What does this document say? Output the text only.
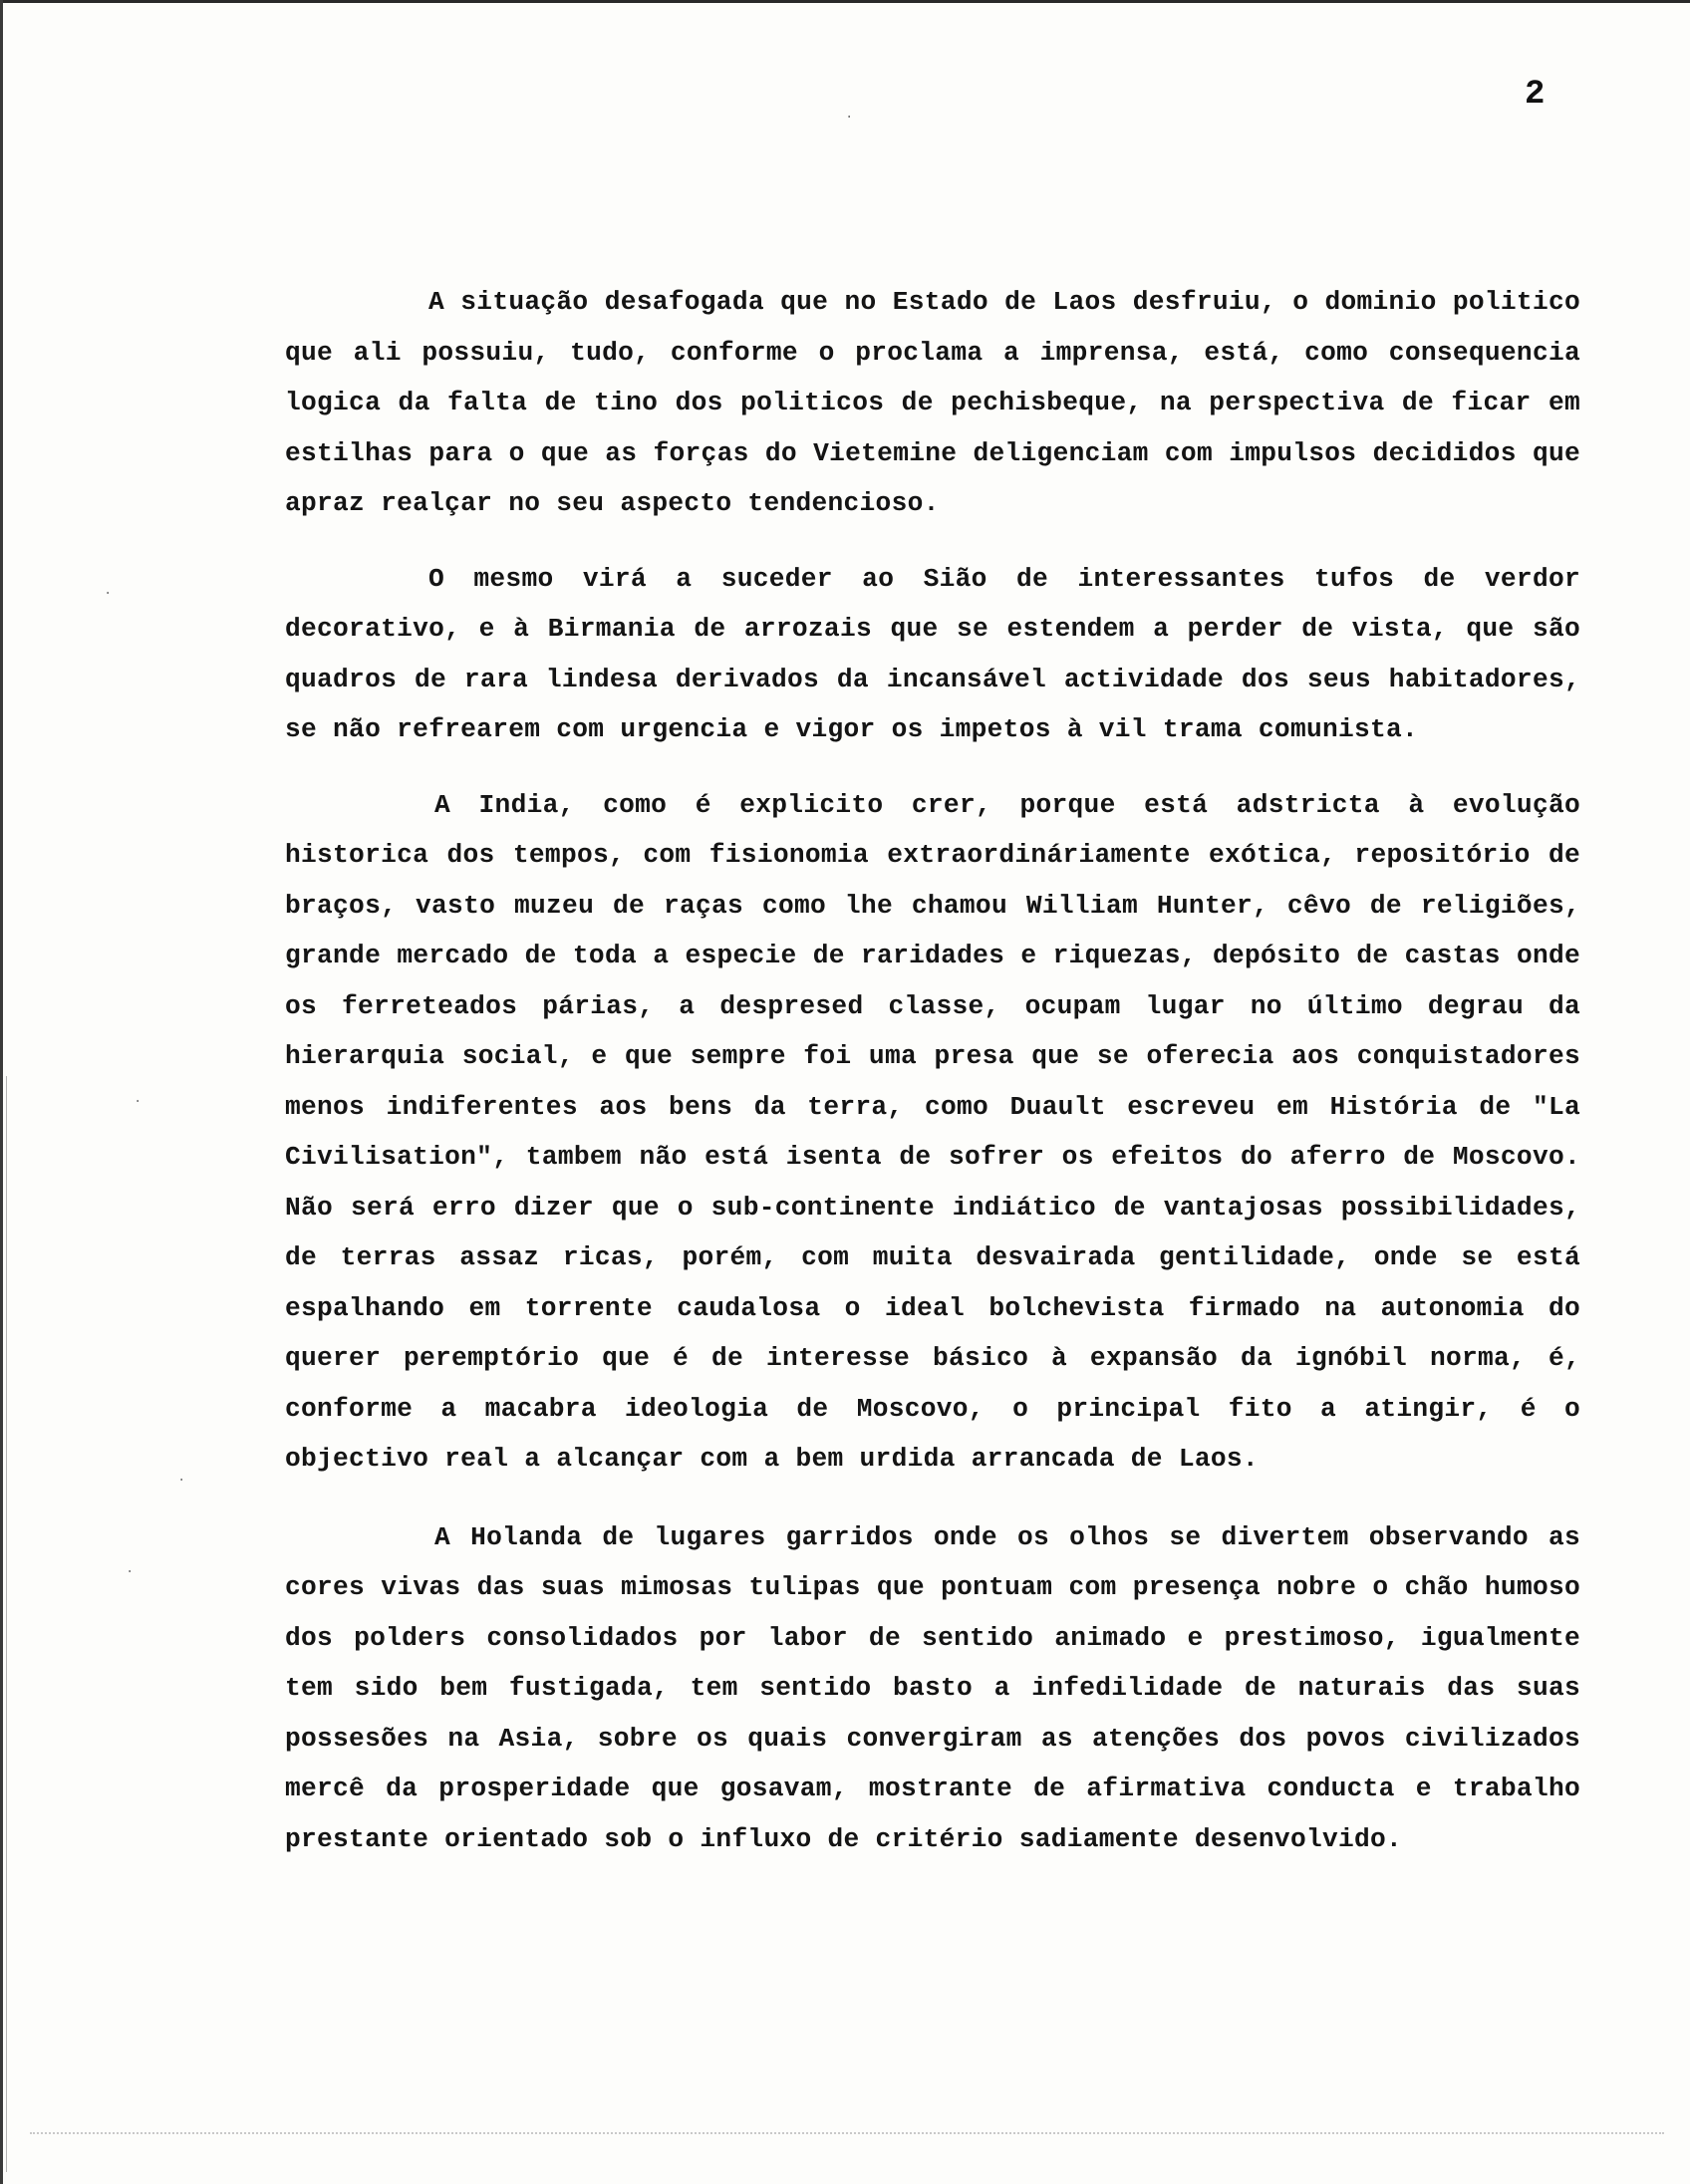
2
·
·
·
·
·

A situação desafogada que no Estado de Laos desfruiu, o dominio politico que ali possuiu, tudo, conforme o proclama a imprensa, está, como consequencia logica da falta de tino dos politicos de pechisbeque, na perspectiva de ficar em estilhas para o que as forças do Vietemine deligenciam com impulsos decididos que apraz realçar no seu aspecto tendencioso.

O mesmo virá a suceder ao Sião de interessantes tufos de verdor decorativo, e à Birmania de arrozais que se estendem a perder de vista, que são quadros de rara lindesa derivados da incansável actividade dos seus habitadores, se não refrearem com urgencia e vigor os impetos à vil trama comunista.

A India, como é explicito crer, porque está adstricta à evolução historica dos tempos, com fisionomia extraordináriamente exótica, repositório de braços, vasto muzeu de raças como lhe chamou William Hunter, cêvo de religiões, grande mercado de toda a especie de raridades e riquezas, depósito de castas onde os ferreteados párias, a despresed classe, ocupam lugar no último degrau da hierarquia social, e que sempre foi uma presa que se oferecia aos conquistadores menos indiferentes aos bens da terra, como Duault escreveu em História de "La Civilisation", tambem não está isenta de sofrer os efeitos do aferro de Moscovo. Não será erro dizer que o sub-continente indiático de vantajosas possibilidades, de terras assaz ricas, porém, com muita desvairada gentilidade, onde se está espalhando em torrente caudalosa o ideal bolchevista firmado na autonomia do querer peremptório que é de interesse básico à expansão da ignóbil norma, é, conforme a macabra ideologia de Moscovo, o principal fito a atingir, é o objectivo real a alcançar com a bem urdida arrancada de Laos.

A Holanda de lugares garridos onde os olhos se divertem observando as cores vivas das suas mimosas tulipas que pontuam com presença nobre o chão humoso dos polders consolidados por labor de sentido animado e prestimoso, igualmente tem sido bem fustigada, tem sentido basto a infedilidade de naturais das suas possesões na Asia, sobre os quais convergiram as atenções dos povos civilizados mercê da prosperidade que gosavam, mostrante de afirmativa conducta e trabalho prestante orientado sob o influxo de critério sadiamente desenvolvido.
